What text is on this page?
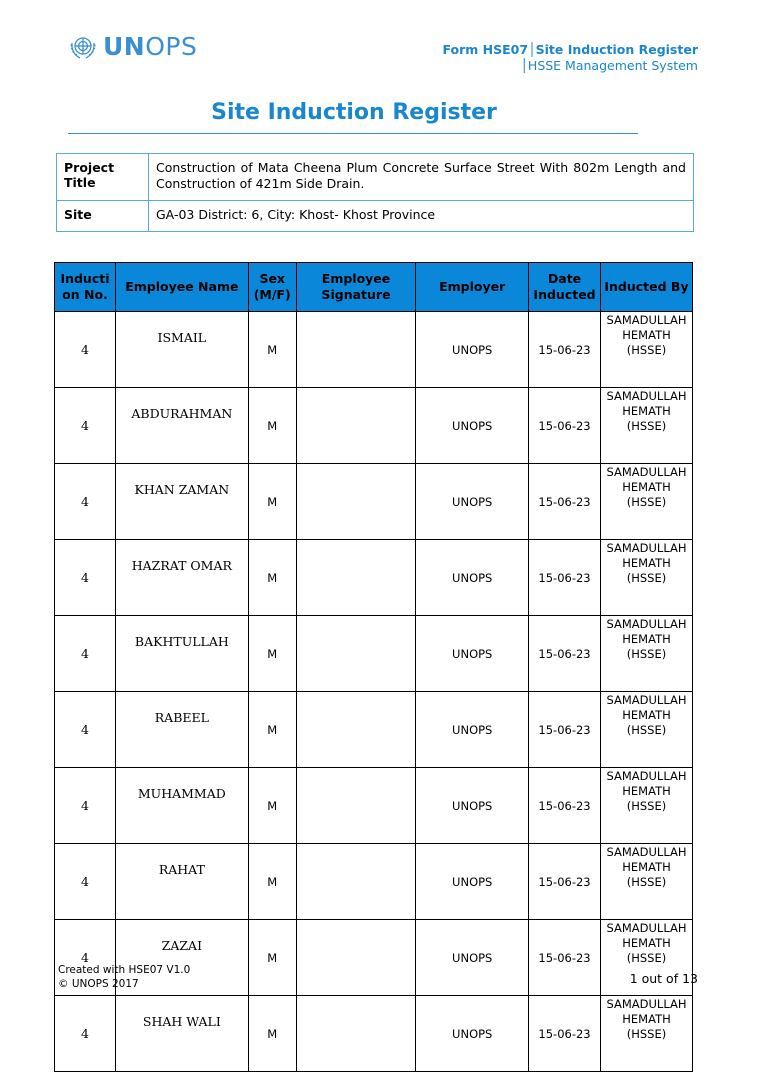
UNOPS	Form HSE07│Site Induction Register
│HSSE Management System
Site Induction Register
Project Title	Construction of Mata Cheena Plum Concrete Surface Street With 802m Length and Construction of 421m Side Drain.
Site	GA-03 District: 6, City: Khost- Khost Province
Inducti on No.	Employee Name	Sex (M/F)	Employee Signature	Employer	Date Inducted	Inducted By
4	ISMAIL	M		UNOPS	15-06-23	SAMADULLAH HEMATH (HSSE)
4	ABDURAHMAN	M		UNOPS	15-06-23	SAMADULLAH HEMATH (HSSE)
4	KHAN ZAMAN	M		UNOPS	15-06-23	SAMADULLAH HEMATH (HSSE)
4	HAZRAT OMAR	M		UNOPS	15-06-23	SAMADULLAH HEMATH (HSSE)
4	BAKHTULLAH	M		UNOPS	15-06-23	SAMADULLAH HEMATH (HSSE)
4	RABEEL	M		UNOPS	15-06-23	SAMADULLAH HEMATH (HSSE)
4	MUHAMMAD	M		UNOPS	15-06-23	SAMADULLAH HEMATH (HSSE)
4	RAHAT	M		UNOPS	15-06-23	SAMADULLAH HEMATH (HSSE)
4	ZAZAI	M		UNOPS	15-06-23	SAMADULLAH HEMATH (HSSE)
4	SHAH WALI	M		UNOPS	15-06-23	SAMADULLAH HEMATH (HSSE)
Created with HSE07 V1.0
© UNOPS 2017	1 out of 13
